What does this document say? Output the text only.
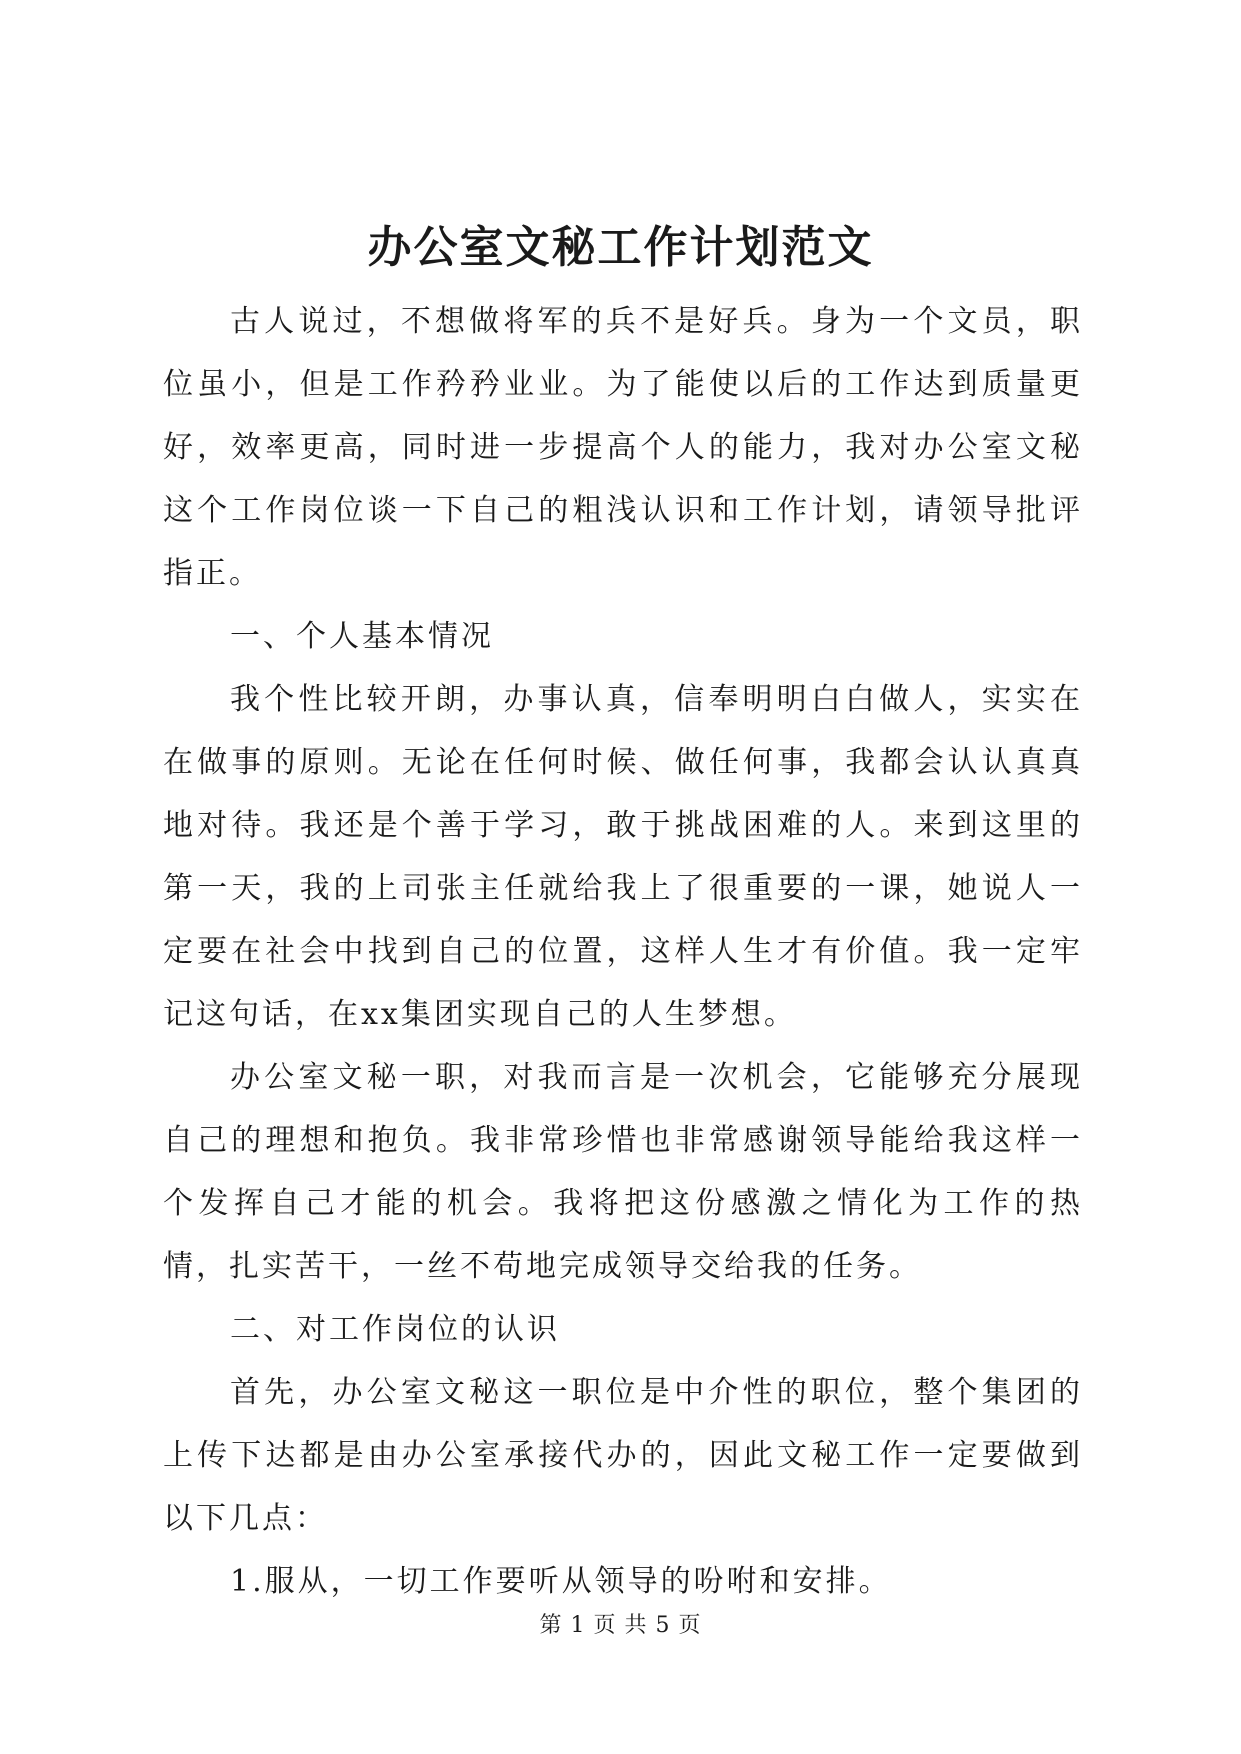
办公室文秘工作计划范文

古人说过，不想做将军的兵不是好兵。身为一个文员，职位虽小，但是工作矜矜业业。为了能使以后的工作达到质量更好，效率更高，同时进一步提高个人的能力，我对办公室文秘这个工作岗位谈一下自己的粗浅认识和工作计划，请领导批评指正。

一、个人基本情况

我个性比较开朗，办事认真，信奉明明白白做人，实实在在做事的原则。无论在任何时候、做任何事，我都会认认真真地对待。我还是个善于学习，敢于挑战困难的人。来到这里的第一天，我的上司张主任就给我上了很重要的一课，她说人一定要在社会中找到自己的位置，这样人生才有价值。我一定牢记这句话，在xx集团实现自己的人生梦想。

办公室文秘一职，对我而言是一次机会，它能够充分展现自己的理想和抱负。我非常珍惜也非常感谢领导能给我这样一个发挥自己才能的机会。我将把这份感激之情化为工作的热情，扎实苦干，一丝不苟地完成领导交给我的任务。

二、对工作岗位的认识

首先，办公室文秘这一职位是中介性的职位，整个集团的上传下达都是由办公室承接代办的，因此文秘工作一定要做到以下几点：

1.服从，一切工作要听从领导的吩咐和安排。

第 1 页 共 5 页
